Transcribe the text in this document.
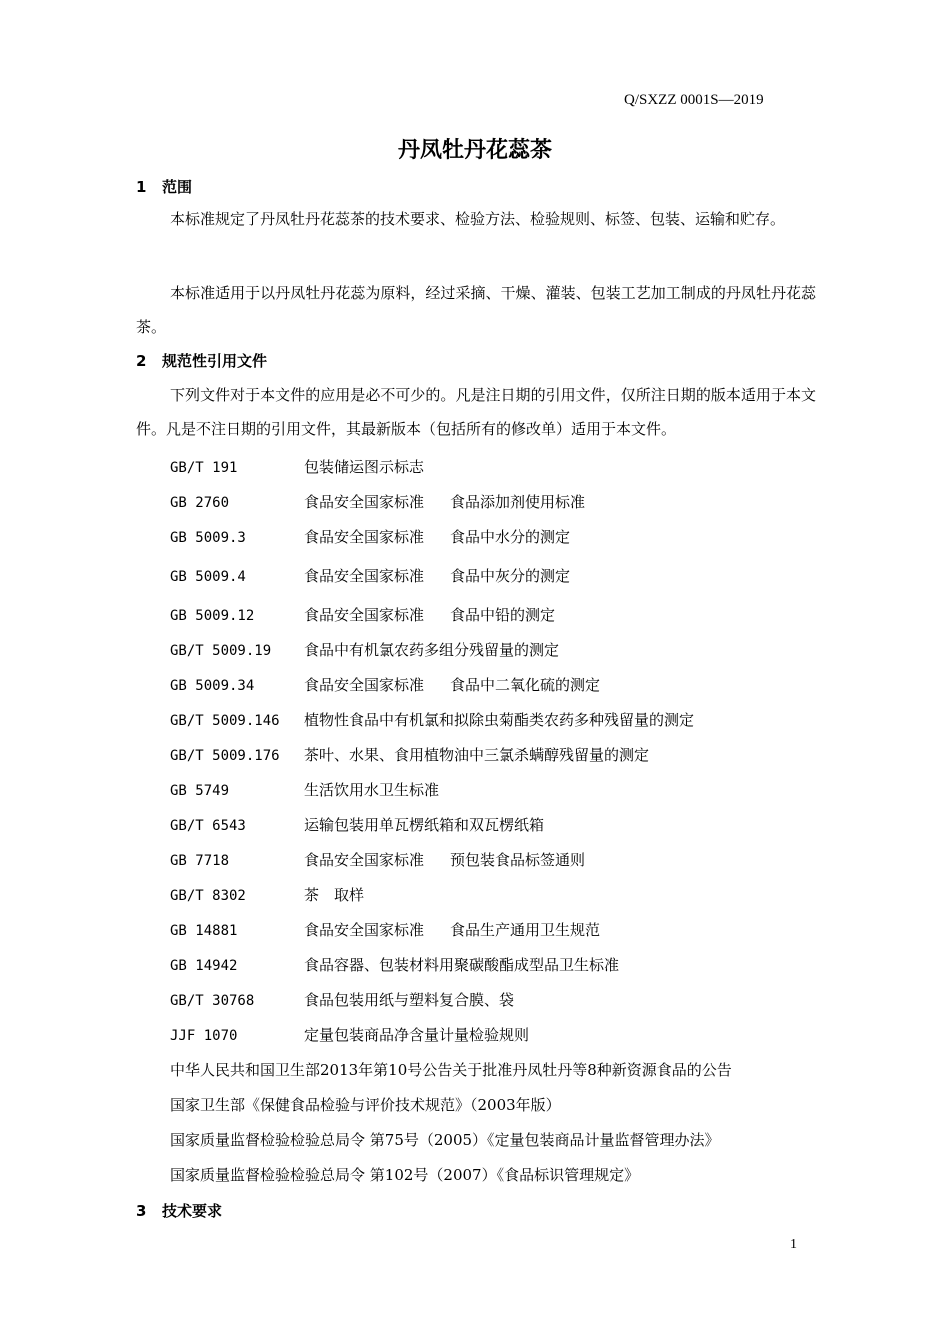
Q/SXZZ 0001S—2019
丹凤牡丹花蕊茶
1 范围
本标准规定了丹凤牡丹花蕊茶的技术要求、检验方法、检验规则、标签、包装、运输和贮存。
本标准适用于以丹凤牡丹花蕊为原料，经过采摘、干燥、灌装、包装工艺加工制成的丹凤牡丹花蕊茶。
2 规范性引用文件
下列文件对于本文件的应用是必不可少的。凡是注日期的引用文件，仅所注日期的版本适用于本文件。凡是不注日期的引用文件，其最新版本（包括所有的修改单）适用于本文件。
GB/T 191	包装储运图示标志
GB 2760	食品安全国家标准 食品添加剂使用标准
GB 5009.3	食品安全国家标准 食品中水分的测定
GB 5009.4	食品安全国家标准 食品中灰分的测定
GB 5009.12	食品安全国家标准 食品中铅的测定
GB/T 5009.19 食品中有机氯农药多组分残留量的测定
GB 5009.34	食品安全国家标准 食品中二氧化硫的测定
GB/T 5009.146 植物性食品中有机氯和拟除虫菊酯类农药多种残留量的测定
GB/T 5009.176 茶叶、水果、食用植物油中三氯杀螨醇残留量的测定
GB 5749	生活饮用水卫生标准
GB/T 6543	运输包装用单瓦楞纸箱和双瓦楞纸箱
GB 7718	食品安全国家标准 预包装食品标签通则
GB/T 8302	茶　取样
GB 14881	食品安全国家标准 食品生产通用卫生规范
GB 14942	食品容器、包装材料用聚碳酸酯成型品卫生标准
GB/T 30768	食品包装用纸与塑料复合膜、袋
JJF 1070	定量包装商品净含量计量检验规则
中华人民共和国卫生部2013年第10号公告关于批准丹凤牡丹等8种新资源食品的公告
国家卫生部《保健食品检验与评价技术规范》（2003年版）
国家质量监督检验检验总局令 第75号（2005）《定量包装商品计量监督管理办法》
国家质量监督检验检验总局令 第102号（2007）《食品标识管理规定》
3 技术要求
1
